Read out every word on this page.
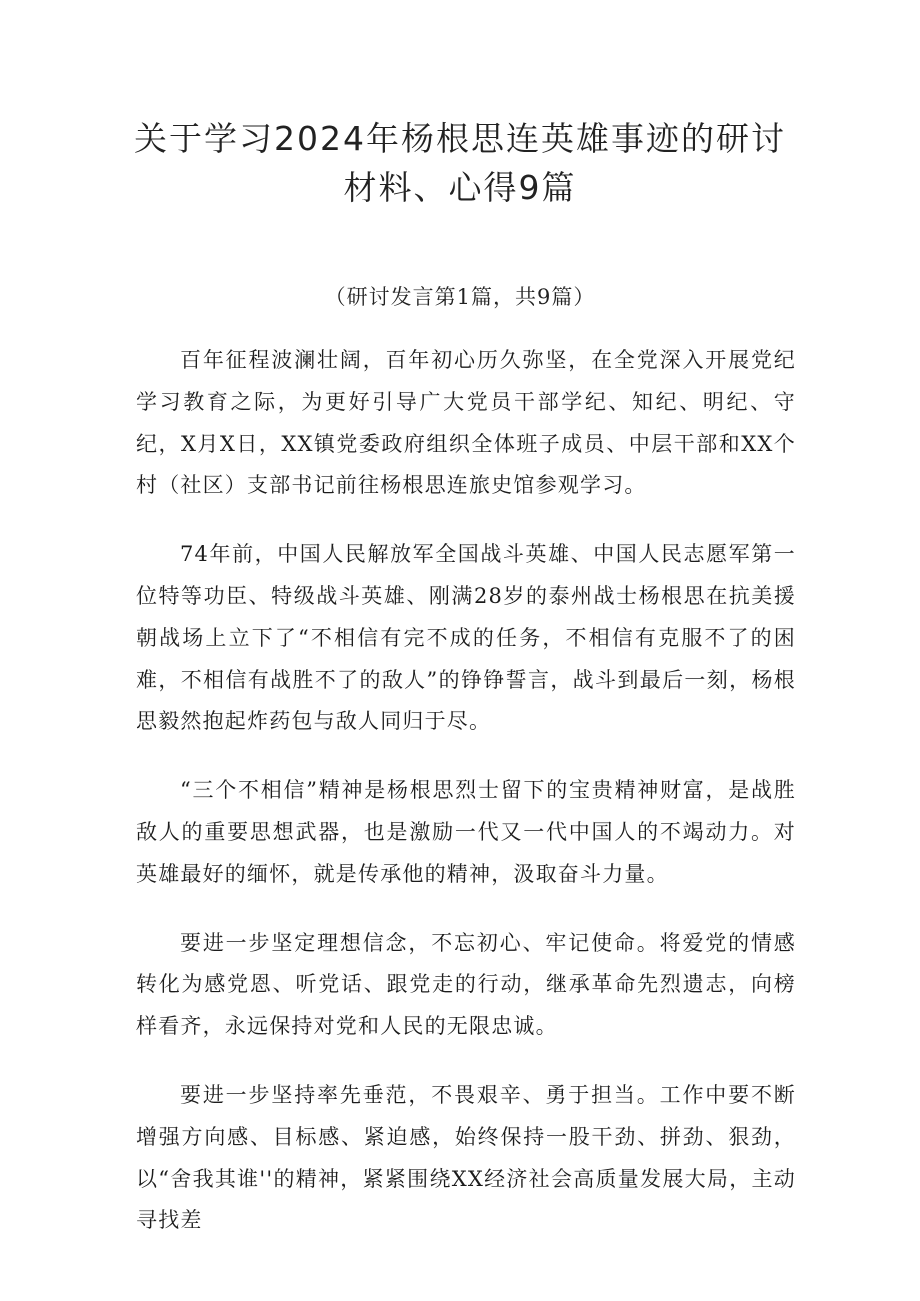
关于学习2024年杨根思连英雄事迹的研讨
材料、心得9篇
（研讨发言第1篇，共9篇）

百年征程波澜壮阔，百年初心历久弥坚，在全党深入开展党纪学习教育之际，为更好引导广大党员干部学纪、知纪、明纪、守纪，X月X日，XX镇党委政府组织全体班子成员、中层干部和XX个村（社区）支部书记前往杨根思连旅史馆参观学习。

74年前，中国人民解放军全国战斗英雄、中国人民志愿军第一位特等功臣、特级战斗英雄、刚满28岁的泰州战士杨根思在抗美援朝战场上立下了“不相信有完不成的任务，不相信有克服不了的困难，不相信有战胜不了的敌人”的铮铮誓言，战斗到最后一刻，杨根思毅然抱起炸药包与敌人同归于尽。

“三个不相信”精神是杨根思烈士留下的宝贵精神财富，是战胜敌人的重要思想武器，也是激励一代又一代中国人的不竭动力。对英雄最好的缅怀，就是传承他的精神，汲取奋斗力量。

要进一步坚定理想信念，不忘初心、牢记使命。将爱党的情感转化为感党恩、听党话、跟党走的行动，继承革命先烈遗志，向榜样看齐，永远保持对党和人民的无限忠诚。

要进一步坚持率先垂范，不畏艰辛、勇于担当。工作中要不断增强方向感、目标感、紧迫感，始终保持一股干劲、拼劲、狠劲，以“舍我其谁''的精神，紧紧围绕XX经济社会高质量发展大局，主动寻找差
